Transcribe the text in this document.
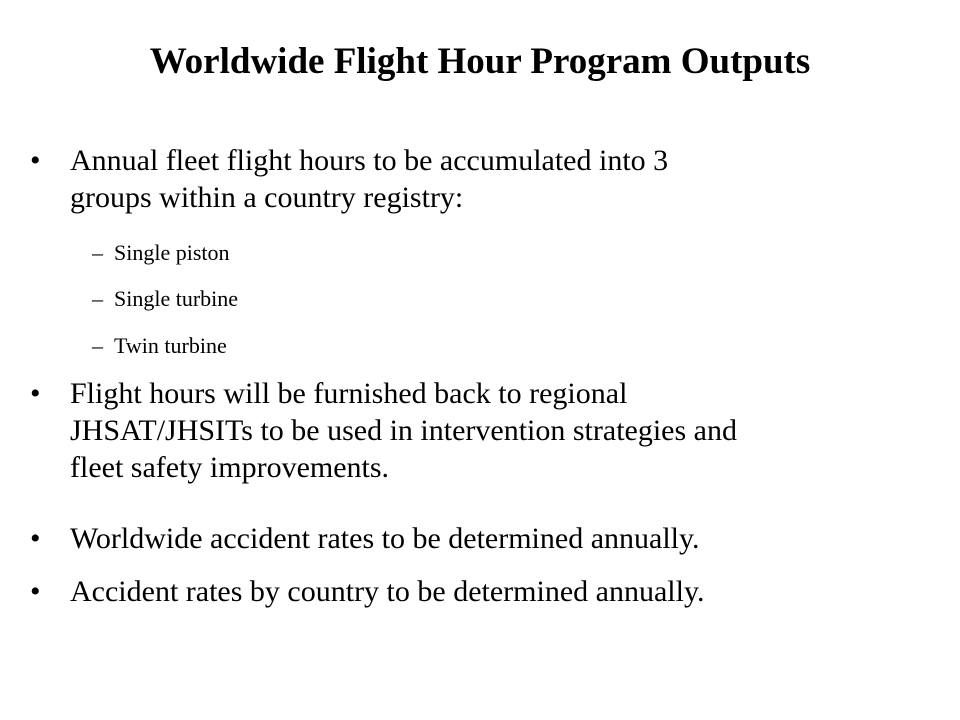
Worldwide Flight Hour Program Outputs
• Annual fleet flight hours to be accumulated into 3
groups within a country registry:
– Single piston
– Single turbine
– Twin turbine
• Flight hours will be furnished back to regional
JHSAT/JHSITs to be used in intervention strategies and
fleet safety improvements.
• Worldwide accident rates to be determined annually.
• Accident rates by country to be determined annually.
